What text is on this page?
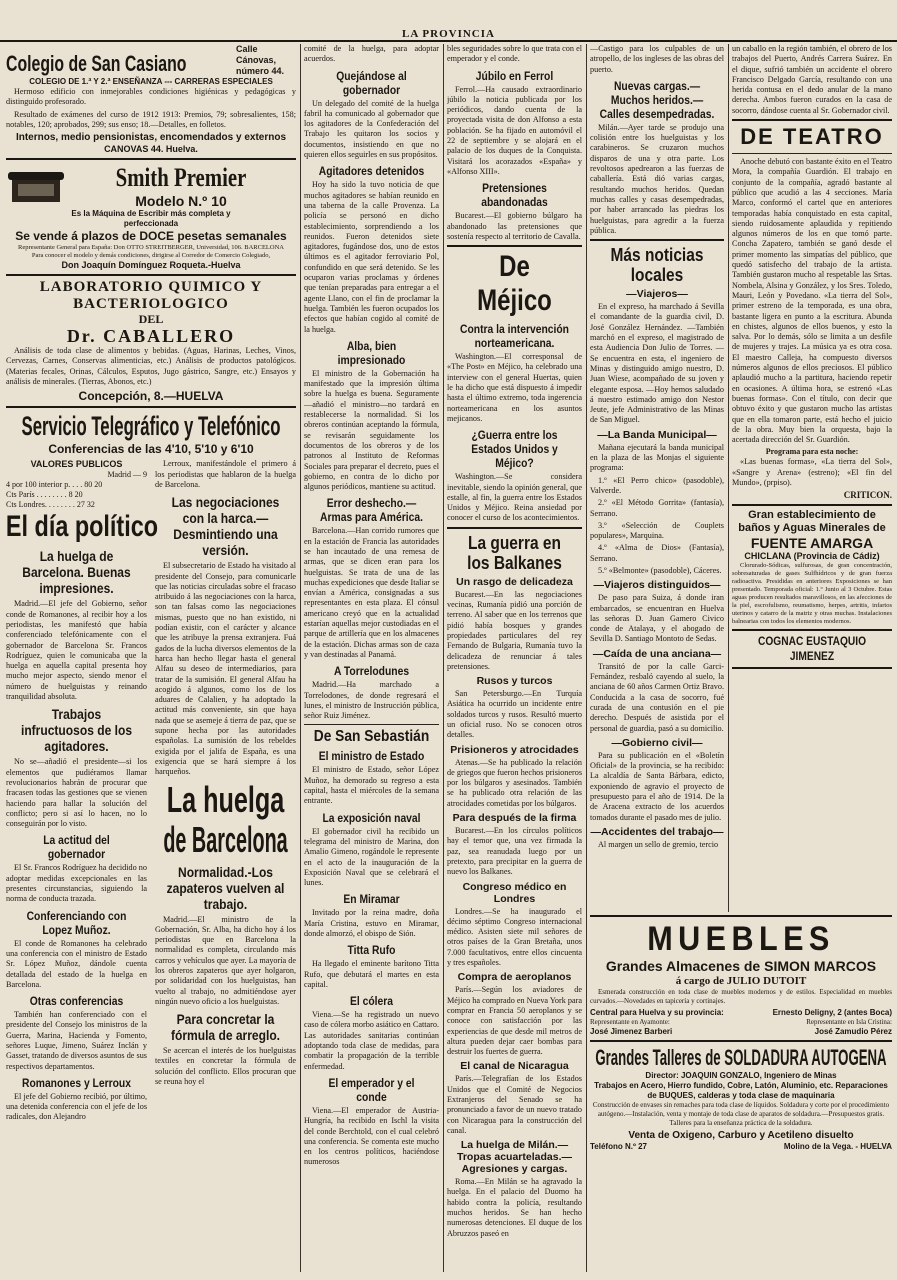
LA PROVINCIA
Colegio de San Casiano
Calle Cánovas, número 44.
COLEGIO DE 1.ª Y 2.ª ENSEÑANZA --- CARRERAS ESPECIALES

Hermoso edificio con inmejorables condiciones higiénicas y pedagógicas y distinguido profesorado.

Resultado de exámenes del curso de 1912 1913: Premios, 79; sobresalientes, 158; notables, 120; aprobados, 299; sus enso; 18.—Detalles, en folletos.

Internos, medio pensionistas, encomendados y externos
CANOVAS 44. Huelva.
Smith Premier
Modelo N.º 10
Es la Máquina de Escribir más completa y perfeccionada
Se vende á plazos de DOCE pesetas semanales
Representante General para España: Don OTTO STREITBERGER, Universidad, 106. BARCELONA
Para conocer el modelo y demás condiciones, dirigirse al Corredor de Comercio Colegiado,
Don Joaquín Domínguez Roqueta.-Huelva
LABORATORIO QUIMICO Y BACTERIOLOGICO
DEL
Dr. CABALLERO

Análisis de toda clase de alimentos y bebidas. (Aguas, Harinas, Leches, Vinos, Cervezas, Carnes, Conservas alimenticias, etc.) Análisis de productos patológicos. (Materias fecales, Orinas, Cálculos, Esputos, Jugo gástrico, Sangre, etc.) Ensayos y análisis de minerales. (Tierras, Abonos, etc.)

Concepción, 8.—HUELVA
Servicio Telegráfico y Telefónico
Conferencias de las 4'10, 5'10 y 6'10
VALORES PUBLICOS
Madrid — 9
4 por 100 interior p. . . . 80 20
Cts París . . . . . . . . 8 20
Cts Londres. . . . . . . . 27 32
El día político
La huelga de Barcelona. Buenas impresiones.

Madrid.—El jefe del Gobierno, señor conde de Romanones, al recibir hoy a los periodistas, les manifestó que había conferenciado telefónicamente con el gobernador de Barcelona Sr. Francos Rodríguez, quien le comunicaba que la huelga en aquella capital presenta hoy mucho mejor aspecto, siendo menor el número de huelguistas y reinando tranquilidad absoluta.

Trabajos infructuosos de los agitadores.

No se—añadió el presidente—si los elementos que pudiéramos llamar revolucionarios habrán de procurar que fracasen todas las gestiones que se vienen haciendo para hallar la solución del conflicto; pero si así lo hacen, no lo conseguirán por lo visto.

La actitud del gobernador

El Sr. Francos Rodríguez ha decidido no adoptar medidas excepcionales en las presentes circunstancias, siguiendo la norma de conducta trazada.

Conferenciando con Lopez Muñoz.

El conde de Romanones ha celebrado una conferencia con el ministro de Estado Sr. López Muñoz, dándole cuenta detallada del estado de la huelga en Barcelona.

Otras conferencias

También han conferenciado con el presidente del Consejo los ministros de la Guerra, Marina, Hacienda y Fomento, señores Luque, Jimeno, Suárez Inclán y Gasset, tratando de diversos asuntos de sus respectivos departamentos.

Romanones y Lerroux

El jefe del Gobierno recibió, por último, una detenida conferencia con el jefe de los radicales, don Alejandro

Lerroux, manifestándole el primero á los periodistas que hablaron de la huelga de Barcelona.

Las negociaciones con la harca.—Desmintiendo una versión.

El subsecretario de Estado ha visitado al presidente del Consejo, para comunicarle que las noticias circuladas sobre el fracaso atribuido á las negociaciones con la harca, son tan falsas como las negociaciones mismas, puesto que no han existido, ni podían existir, con el carácter y alcance que les atribuye la prensa extranjera. Fuá gados de la lucha diversos elementos de la harca han hecho llegar hasta el general Alfau su deseo de intermediarios, para tratar de la sumisión. El general Alfau ha acogido á algunos, como los de los aduares de Calalien, y ha adoptado la actitud más conveniente, sin que haya nada que se asemeje á tierra de paz, que se supone hecha por las autoridades españolas. La sumisión de los rebeldes exigida por el jalifa de España, es una exigencia que se hará siempre á los harqueños.

La huelga
de Barcelona
Normalidad.-Los zapateros vuelven al trabajo.

Madrid.—El ministro de la Gobernación, Sr. Alba, ha dicho hoy á los periodistas que en Barcelona la normalidad es completa, circulando más carros y vehículos que ayer. La mayoría de los obreros zapateros que ayer holgaron, por solidaridad con los huelguistas, han vuelto al trabajo, no admitiéndose ayer ningún nuevo oficio a los huelguistas.

Para concretar la fórmula de arreglo.

Se acercan el interés de los huelguistas textiles en concretar la fórmula de solución del conflicto. Ellos procuran que se reuna hoy el

comité de la huelga, para adoptar acuerdos.

Quejándose al gobernador

Un delegado del comité de la huelga fabril ha comunicado al gobernador que los agitadores de la Confederación del Trabajo les quitaron los socios y documentos, insistiendo en que no quieren ellos seguirles en sus propósitos.

Agitadores detenidos

Hoy ha sido la tuvo noticia de que muchos agitadores se habían reunido en una taberna de la calle Provenza. La policía se personó en dicho establecimiento, sorprendiendo a los reunidos. Fueron detenidos siete agitadores, fugándose dos, uno de estos últimos es el agitador ferroviario Pol, confundido en que será detenido. Se les ocuparon varias proclamas y órdenes que tenían preparadas para entregar a el agente Llano, con el fin de proclamar la huelga. También les fueron ocupados los efectos que habían cogido al comité de la huelga.

Alba, bien impresionado

El ministro de la Gobernación ha manifestado que la impresión última sobre la huelga es buena. Seguramente—añadió el ministro—no tardará en restablecerse la normalidad. Si los obreros continúan aceptando la fórmula, se revisarán seguidamente los documentos de los obreros y de los patronos al Instituto de Reformas Sociales para preparar el decreto, pues el gobierno, en contra de lo dicho por algunos periódicos, mantiene su actitud.

Error deshecho.—Armas para América.

Barcelona.—Han corrido rumores que en la estación de Francia las autoridades se han incautado de una remesa de armas, que se dicen eran para los huelguistas. Se trata de una de las muchas expediciones que desde Italiar se envían a América, consignadas a sus representantes en esta plaza. El cónsul americano creyó que en la actualidad estarían aquellas mejor custodiadas en el parque de artillería que en los almacenes de la estación. Dichas armas son de caza y van destinadas al Panamá.

A Torrelodunes

Madrid.—Ha marchado a Torrelodones, de donde regresará el lunes, el ministro de Instrucción pública, señor Ruiz Jiménez.

De San Sebastián
El ministro de Estado

El ministro de Estado, señor López Muñoz, ha demorado su regreso a esta capital, hasta el miércoles de la semana entrante.

La exposición naval

El gobernador civil ha recibido un telegrama del ministro de Marina, don Amalio Gimeno, rogándole le represente en el acto de la inauguración de la Exposición Naval que se celebrará el lunes.

En Miramar

Invitado por la reina madre, doña María Cristina, estuvo en Miramar, donde almorzó, el obispo de Sión.

Titta Rufo

Ha llegado el eminente barítono Titta Rufo, que debutará el martes en esta capital.

El cólera

Viena.—Se ha registrado un nuevo caso de cólera morbo asiático en Cattaro. Las autoridades sanitarias continúan adoptando toda clase de medidas, para combatir la propagación de la terrible enfermedad.

El emperador y el conde

Viena.—El emperador de Austria-Hungría, ha recibido en Ischl la visita del conde Berchtold, con el cual celebró una conferencia. Se comenta este mucho en los centros políticos, haciéndose numerosos

bles seguridades sobre lo que trata con el emperador y el conde.

Júbilo en Ferrol

Ferrol.—Ha causado extraordinario júbilo la noticia publicada por los periódicos, dando cuenta de la proyectada visita de don Alfonso a esta población. Se ha fijado en automóvil el 22 de septiembre y se alojará en el palacio de los duques de la Conquista. Visitará los acorazados «España» y «Alfonso XIII».

Pretensiones abandonadas

Bucarest.—El gobierno búlgaro ha abandonado las pretensiones que sostenía respecto al territorio de Cavalla.

De Méjico
Contra la intervención norteamericana.

Washington.—El corresponsal de «The Post» en Méjico, ha celebrado una interview con el general Huertas, quien le ha dicho que está dispuesto á impedir hasta el último extremo, toda ingerencia norteamericana en los asuntos mejicanos.

¿Guerra entre los Estados Unidos y Méjico?

Washington.—Se considera inevitable, siendo la opinión general, que estalle, al fin, la guerra entre los Estados Unidos y Méjico. Reina ansiedad por conocer el curso de los acontecimientos.

La guerra en los Balkanes
Un rasgo de delicadeza

Bucarest.—En las negociaciones vecinas, Rumanía pidió una porción de terreno. Al saber que en los terrenos que pidió había bosques y grandes propiedades particulares del rey Fernando de Bulgaria, Rumanía tuvo la delicadeza de renunciar á tales pretensiones.

Rusos y turcos

San Petersburgo.—En Turquía Asiática ha ocurrido un incidente entre soldados turcos y rusos. Resultó muerto un oficial ruso. No se conocen otros detalles.

Prisioneros y atrocidades

Atenas.—Se ha publicado la relación de griegos que fueron hechos prisioneros por los búlgaros y asesinados. También se ha publicado otra relación de las atrocidades cometidas por los búlgaros.

Para después de la firma

Bucarest.—En los círculos políticos hay el temor que, una vez firmada la paz, sea reanudada luego por un pretexto, para precipitar en la guerra de nuevo los Balkanes.

Congreso médico en Londres

Londres.—Se ha inaugurado el décimo séptimo Congreso internacional médico. Asisten siete mil señores de otros países de la Gran Bretaña, unos 7.000 facultativos, entre ellos cincuenta y tres españoles.

Compra de aeroplanos

París.—Según los aviadores de Méjico ha comprado en Nueva York para comprar en Francia 50 aeroplanos y se conoce con satisfacción por las experiencias de que desde mil metros de altura pueden dejar caer bombas para destruir los fuertes de guerra.

El canal de Nicaragua

París.—Telegrafían de los Estados Unidos que el Comité de Negocios Extranjeros del Senado se ha pronunciado a favor de un nuevo tratado con Nicaragua para la construcción del canal.

La huelga de Milán.—Tropas acuarteladas.—Agresiones y cargas.

Roma.—En Milán se ha agravado la huelga. En el palacio del Duomo ha habido contra la policía, resultando muchos heridos. Se han hecho numerosas detenciones. El duque de los Abruzzos paseó en

—Castigo para los culpables de un atropello, de los ingleses de las obras del puerto.

Nuevas cargas.—Muchos heridos.—Calles desempedradas.

Milán.—Ayer tarde se produjo una colisión entre los huelguistas y los carabineros. Se cruzaron muchos disparos de una y otra parte. Los revoltosos apedrearon a las fuerzas de caballería. Está dió varias cargas, resultando muchos heridos. Quedan muchas calles y casas desempedradas, por haber arrancado las piedras los huelguistas, para agredir a la fuerza pública.

Más noticias locales
—Viajeros—

En el expreso, ha marchado á Sevilla el comandante de la guardia civil, D. José González Hernández. —También marchó en el expreso, el magistrado de esta Audiencia Don Julio de Torres. —Se encuentra en esta, el ingeniero de Minas y distinguido amigo nuestro, D. Juan Wiese, acompañado de su joven y elegante esposa. —Hoy hemos saludado á nuestro estimado amigo don Nestor Jeute, jefe Administrativo de las Minas de San Miguel.

—La Banda Municipal—

Mañana ejecutará la banda municipal en la plaza de las Monjas el siguiente programa:

1.º «El Perro chico» (pasodoble), Valverde.

2.º «El Método Gorrita» (fantasía), Serrano.

3.º «Selección de Couplets populares», Marquina.

4.º «Alma de Dios» (Fantasía), Serrano.

5.º «Belmonte» (pasodoble), Cáceres.

—Viajeros distinguidos—

De paso para Suiza, á donde iran embarcados, se encuentran en Huelva las señoras D. Juan Gamero Civico conde de Atalaya, y el abogado de Sevilla D. Santiago Montoto de Sedas.

—Caída de una anciana—

Transitó de por la calle Garci-Fernández, resbaló cayendo al suelo, la anciana de 60 años Carmen Ortiz Bravo. Conducida a la casa de socorro, fué curada de una contusión en el pie derecho. Después de asistida por el personal de guardia, pasó a su domicilio.

—Gobierno civil—

Para su publicación en el «Boletín Oficial» de la provincia, se ha recibido: La alcaldía de Santa Bárbara, edicto, exponiendo de agravio el proyecto de presupuesto para el año de 1914. De la de Aracena extracto de los acuerdos tomados durante el pasado mes de julio.

—Accidentes del trabajo—

Al margen un sello de gremio, tercio

un caballo en la región también, el obrero de los trabajos del Puerto, Andrés Carrera Suárez. En el dique, sufrió también un accidente el obrero Francisco Delgado García, resultando con una herida contusa en el dedo anular de la mano derecha. Ambos fueron curados en la casa de socorro, dándose cuenta al Sr. Gobernador civil.

DE TEATRO

Anoche debutó con bastante éxito en el Teatro Mora, la compañía Guardión. El trabajo en conjunto de la compañía, agradó bastante al público que acudió a las 4 secciones. María Marco, conformó el cartel que en anteriores temporadas había conquistado en esta capital, siendo ruidosamente aplaudida y repitiendo algunos números de los en que tomó parte. Concha Zapatero, también se ganó desde el primer momento las simpatías del público, que quedó satisfecho del trabajo de la artista. También gustaron mucho al respetable las Srtas. Nombela, Alsina y González, y los Sres. Toledo, Mauri, León y Povedano. «La tierra del Sol», primer estreno de la temporada, es una obra, bastante ligera en punto a la escritura. Abunda en chistes, algunos de ellos buenos, y esto la salva. Por lo demás, sólo se limita a un desfile de mujeres y trajes. La música ya es otra cosa. El maestro Calleja, ha compuesto diversos números algunos de ellos preciosos. El público aplaudió mucho a la partitura, haciendo repetir en ocasiones. A última hora, se estrenó «Las buenas formas». Con el título, con decir que obtuvo éxito y que gustaron mucho las artistas que en ella tomaron parte, está hecho el juicio de la obra. Muy bien la orquesta, bajo la acertada dirección del Sr. Guardión.

Programa para esta noche:

«Las buenas formas», «La tierra del Sol», «Sangre y Arena» (estreno); «El fin del Mundo», (prpiso).

CRITICON.
Gran establecimiento de baños y Aguas Minerales de
FUENTE AMARGA
CHICLANA (Provincia de Cádiz)

Clorurado-Sódicas, sulfurosas, de gran concentración, sobresaturadas de gases Sulfhídricos y de gran fuerza radioactiva. Presididas en anteriores Exposiciones se han presentado. Temporada oficial: 1.º Junio al 3 Octubre. Estas aguas producen resultados maravillosos, en las afecciones de la piel, escrofulismo, reumatismo, herpes, artritis, infartos uterinos y catarro de la matriz y otras muchas. Instalaciones balnearias con todos los elementos modernos.

COGNAC EUSTAQUIO JIMENEZ
MUEBLES
Grandes Almacenes de SIMON MARCOS
á cargo de JULIO DUTOIT

Esmerada construcción en toda clase de muebles modernos y de estilos. Especialidad en muebles curvados.—Novedades en tapicería y cortinajes.

Central para Huelva y su provincia:	Ernesto Deligny, 2 (antes Boca)
Representante en Ayamonte:	Representante en Isla Cristina:
José Jimenez Barberi	José Zamudio Pérez
Grandes Talleres de SOLDADURA AUTOGENA
Director: JOAQUIN GONZALO, Ingeniero de Minas
Trabajos en Acero, Hierro fundido, Cobre, Latón, Aluminio, etc. Reparaciones de BUQUES, calderas y toda clase de maquinaria

Construcción de envases sin remaches para toda clase de líquidos. Soldadura y corte por el procedimiento autógeno.—Instalación, venta y montaje de toda clase de aparatos de soldadura.—Presupuestos gratis. Talleres para la enseñanza práctica de la soldadura.

Venta de Oxigeno, Carburo y Acetileno disuelto
Teléfono N.º 27	Molino de la Vega. - HUELVA
